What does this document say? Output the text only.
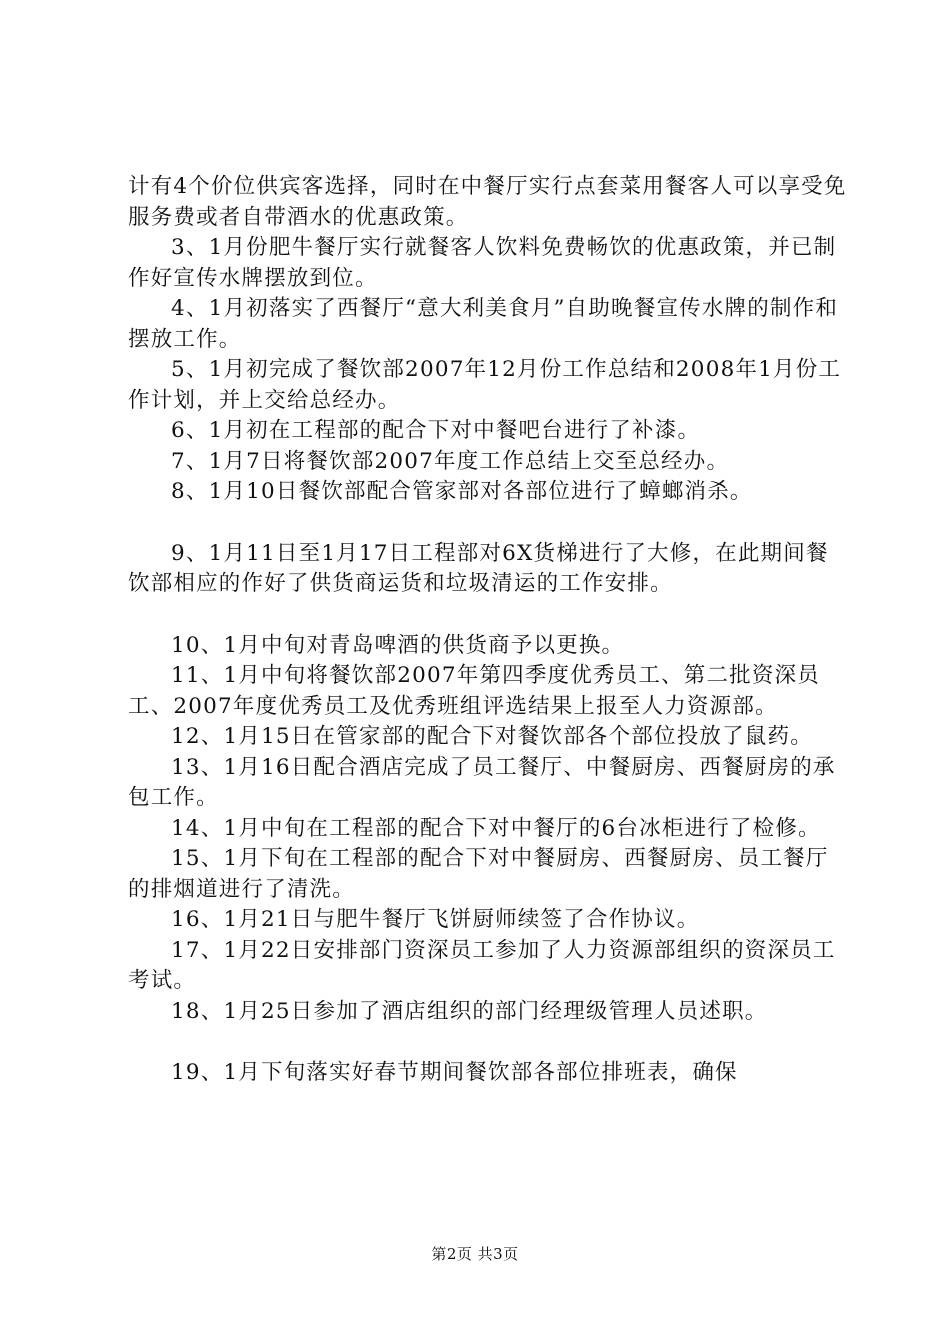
计有4个价位供宾客选择，同时在中餐厅实行点套菜用餐客人可以享受免服务费或者自带酒水的优惠政策。

3、1月份肥牛餐厅实行就餐客人饮料免费畅饮的优惠政策，并已制作好宣传水牌摆放到位。

4、1月初落实了西餐厅“意大利美食月”自助晚餐宣传水牌的制作和摆放工作。

5、1月初完成了餐饮部2007年12月份工作总结和2008年1月份工作计划，并上交给总经办。

6、1月初在工程部的配合下对中餐吧台进行了补漆。

7、1月7日将餐饮部2007年度工作总结上交至总经办。

8、1月10日餐饮部配合管家部对各部位进行了蟑螂消杀。

9、1月11日至1月17日工程部对6X货梯进行了大修，在此期间餐饮部相应的作好了供货商运货和垃圾清运的工作安排。

10、1月中旬对青岛啤酒的供货商予以更换。

11、1月中旬将餐饮部2007年第四季度优秀员工、第二批资深员工、2007年度优秀员工及优秀班组评选结果上报至人力资源部。

12、1月15日在管家部的配合下对餐饮部各个部位投放了鼠药。

13、1月16日配合酒店完成了员工餐厅、中餐厨房、西餐厨房的承包工作。

14、1月中旬在工程部的配合下对中餐厅的6台冰柜进行了检修。

15、1月下旬在工程部的配合下对中餐厨房、西餐厨房、员工餐厅的排烟道进行了清洗。

16、1月21日与肥牛餐厅飞饼厨师续签了合作协议。

17、1月22日安排部门资深员工参加了人力资源部组织的资深员工考试。

18、1月25日参加了酒店组织的部门经理级管理人员述职。

19、1月下旬落实好春节期间餐饮部各部位排班表，确保

第2页 共3页
